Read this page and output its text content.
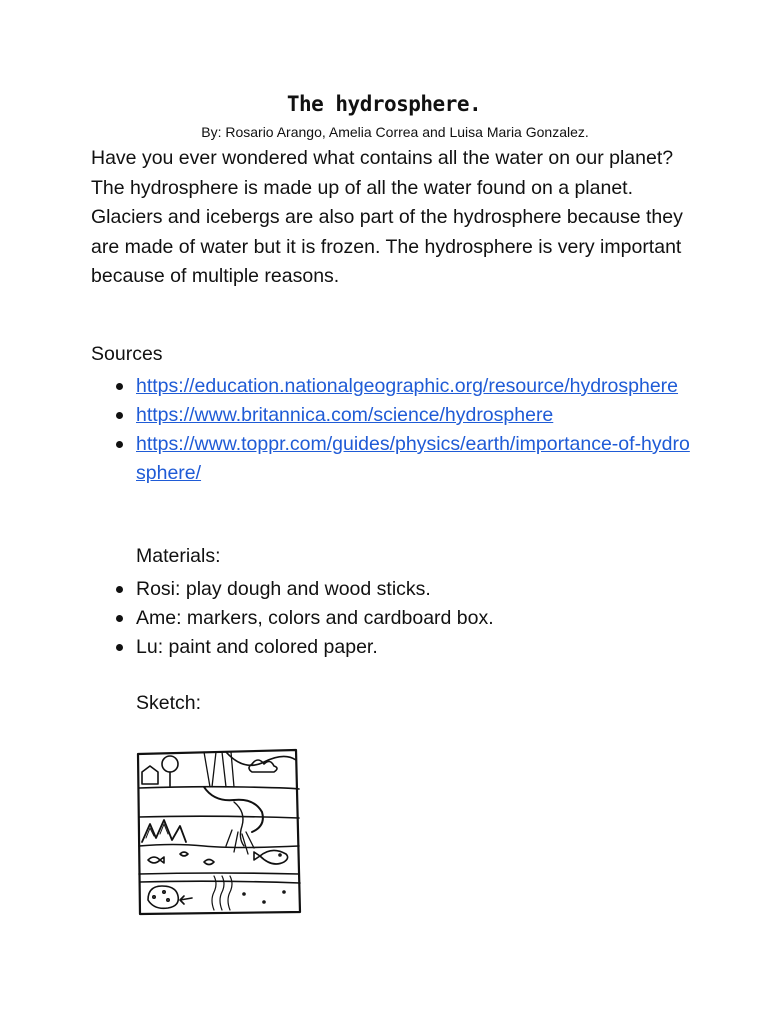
The hydrosphere.
By: Rosario Arango, Amelia Correa and Luisa Maria Gonzalez.

Have you ever wondered what contains all the water on our planet? The hydrosphere is made up of all the water found on a planet. Glaciers and icebergs are also part of the hydrosphere because they are made of water but it is frozen. The hydrosphere is very important because of multiple reasons.

Sources
https://education.nationalgeographic.org/resource/hydrosphere
https://www.britannica.com/science/hydrosphere
https://www.toppr.com/guides/physics/earth/importance-of-hydrosphere/
Materials:
Rosi: play dough and wood sticks.
Ame: markers, colors and cardboard box.
Lu: paint and colored paper.
Sketch:
